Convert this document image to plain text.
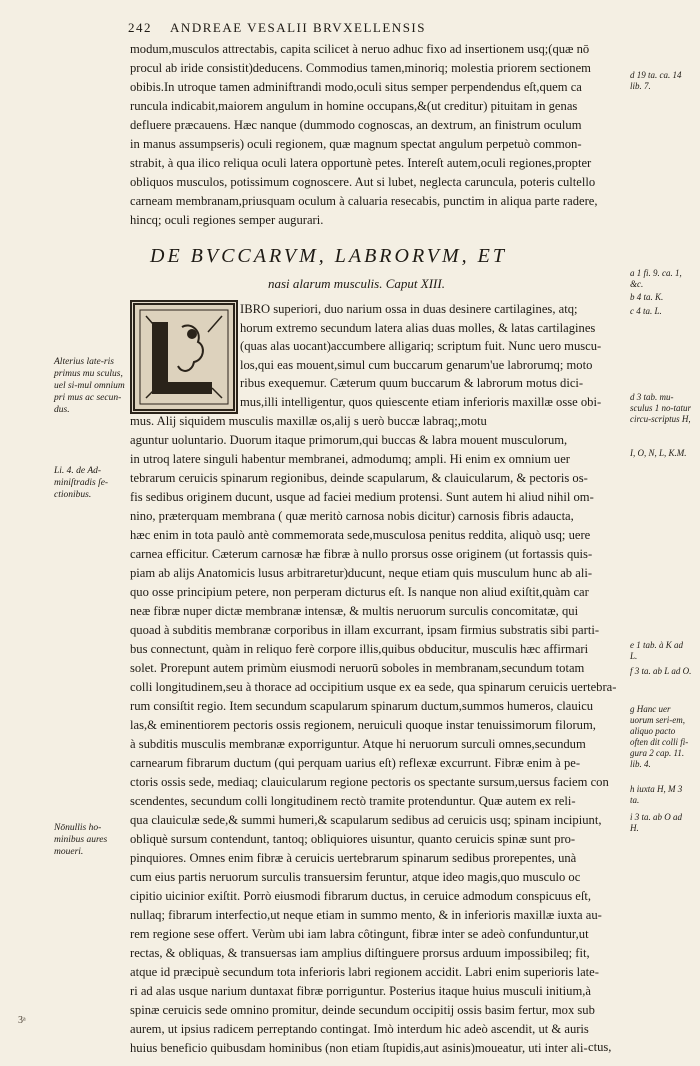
242 ANDREAE VESALII BRVXELLENSIS
modum,musculos attrectabis, capita scilicet à neruo adhuc fixo ad insertionem usq;(quæ nō
procul ab iride consistit)deducens. Commodius tamen,minoriq; molestia priorem sectionem
obibis.In utroque tamen adminiftrandi modo,oculi situs semper perpendendus eſt,quem ca
runcula indicabit,maiorem angulum in homine occupans,&(ut creditur) pituitam in genas
defluere præcauens. Hæc nanque (dummodo cognoscas, an dextrum, an finistrum oculum
in manus assumpseris) oculi regionem, quæ magnum spectat angulum perpetuò common-
strabit, à qua ilico reliqua oculi latera opportunè petes. Intereſt autem,oculi regiones,propter
obliquos musculos, potissimum cognoscere. Aut si lubet, neglecta caruncula, poteris cultello
carneam membranam,priusquam oculum à caluaria resecabis, punctim in aliqua parte radere,
hincq; oculi regiones semper augurari.
DE BVCCARVM, LABRORVM, ET
nasi alarum musculis. Caput XIII.
IBRO superiori, duo narium ossa in duas desinere cartilagines, atq;
horum extremo secundum latera alias duas molles, & latas cartilagines
(quas alas uocant)accumbere alligariq; scriptum fuit. Nunc uero muscu-
los,qui eas mouent,simul cum buccarum genarum'ue labrorumq; moto
ribus exequemur. Cæterum quum buccarum & labrorum motus dici-
mus,illi intelligentur, quos quiescente etiam inferioris maxillæ osse obi-
mus. Alij siquidem musculis maxillæ os,alij s uerò buccæ labraq;,motu
aguntur uoluntario. Duorum itaque primorum,qui buccas & labra mouent musculorum,
in utroq latere singuli habentur membranei, admodumq; ampli. Hi enim ex omnium uer
tebrarum ceruicis spinarum regionibus, deinde scapularum, & clauicularum, & pectoris os-
fis sedibus originem ducunt, usque ad faciei medium protensi. Sunt autem hi aliud nihil om-
nino, præterquam membrana ( quæ meritò carnosa nobis dicitur) carnosis fibris adaucta,
hæc enim in tota paulò antè commemorata sede,musculosa penitus reddita, aliquò usq; uere
carnea efficitur. Cæterum carnosæ hæ fibræ à nullo prorsus osse originem (ut fortassis quis-
piam ab alijs Anatomicis lusus arbitraretur)ducunt, neque etiam quis musculum hunc ab ali-
quo osse principium petere, non perperam dicturus eſt. Is nanque non aliud exiſtit,quàm car
neæ fibræ nuper dictæ membranæ intensæ, & multis neruorum surculis concomitatæ, qui
quoad à subditis membranæ corporibus in illam excurrant, ipsam firmius substratis sibi parti-
bus connectunt, quàm in reliquo ferè corpore illis,quibus obducitur, musculis hæc affirmari
solet. Prorepunt autem primùm eiusmodi neruorū soboles in membranam,secundum totam
colli longitudinem,seu à thorace ad occipitium usque ex ea sede, qua spinarum ceruicis uertebra-
rum consiſtit regio. Item secundum scapularum spinarum ductum,summos humeros, clauicu
las,& eminentiorem pectoris ossis regionem, neruiculi quoque instar tenuissimorum filorum,
à subditis musculis membranæ exporriguntur. Atque hi neruorum surculi omnes,secundum
carnearum fibrarum ductum (qui perquam uarius eſt) reflexæ excurrunt. Fibræ enim à pe-
ctoris ossis sede, mediaq; clauicularum regione pectoris os spectante sursum,uersus faciem con
scendentes, secundum colli longitudinem rectò tramite protenduntur. Quæ autem ex reli-
qua clauiculæ sede,& summi humeri,& scapularum sedibus ad ceruicis usq; spinam incipiunt,
obliquè sursum contendunt, tantoq; obliquiores uisuntur, quanto ceruicis spinæ sunt pro-
pinquiores. Omnes enim fibræ à ceruicis uertebrarum spinarum sedibus prorepentes, unà
cum eius partis neruorum surculis transuersim feruntur, atque ideo magis,quo musculo oc
cipitio uicinior exiſtit. Porrò eiusmodi fibrarum ductus, in ceruice admodum conspicuus eſt,
nullaq; fibrarum interfectio,ut neque etiam in summo mento, & in inferioris maxillæ iuxta au-
rem regione sese offert. Verùm ubi iam labra côtingunt, fibræ inter se adeò confunduntur,ut
rectas, & obliquas, & transuersas iam amplius diſtinguere prorsus arduum impossibileq; fit,
atque id præcipuè secundum tota inferioris labri regionem accidit. Labri enim superioris late-
ri ad alas usque narium duntaxat fibræ porriguntur. Posterius itaque huius musculi initium,à
spinæ ceruicis sede omnino promitur, deinde secundum occipitij ossis basim fertur, mox sub
aurem, ut ipsius radicem perreptando contingat. Imò interdum hic adeò ascendit, ut & auris
huius beneficio quibusdam hominibus (non etiam ſtupidis,aut asinis)moueatur, uti inter ali- ctus,
Alterius late-ris primus mu sculus, uel si-mul omnium pri mus ac secun-dus.
Li. 4. de Ad-miniſtradis ſe-ctionibus.
Nōnullis ho-minibus aures moueri.
d 19 ta. ca. 14 lib. 7.
a 1 fi. 9. ca. 1, &c.
b 4 ta. K.
c 4 ta. L.
d 3 tab. mu-sculus 1 no-tatur circu-scriptus H,
I, O, N, L, K.M.
e 1 tab. à K ad L.
f 3 ta. ab L ad O.
g Hanc uer uorum seri-em, aliquo pacto often dit colli fi-gura 2 cap. 11. lib. 4.
h iuxta H, M 3 ta.
i 3 ta. ab O ad H.
3ᵃ
